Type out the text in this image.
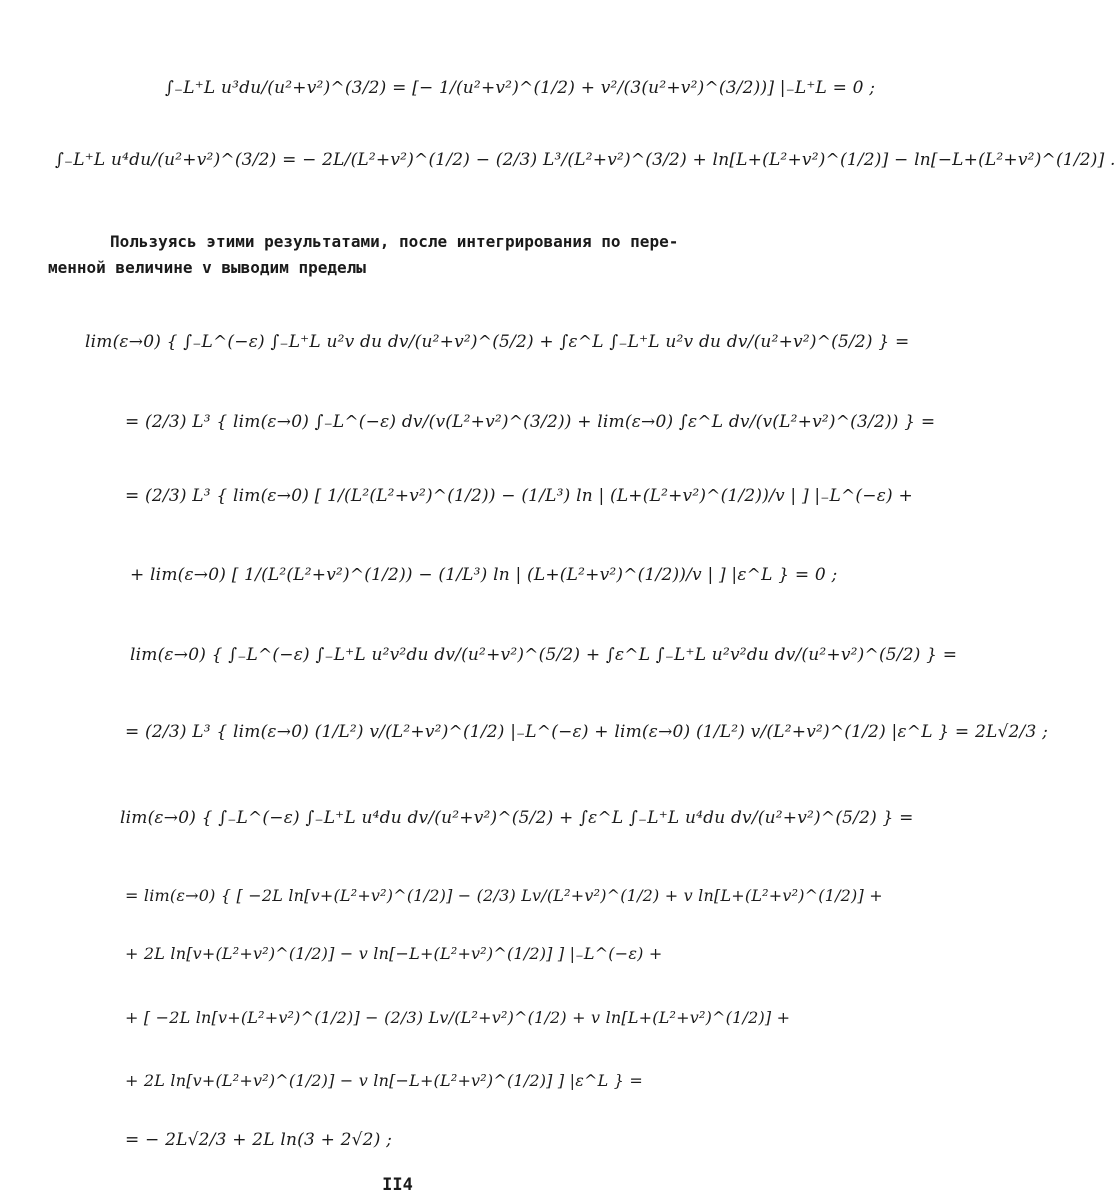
∫₋L⁺L u³du/(u²+v²)^(3/2) = [− 1/(u²+v²)^(1/2) + v²/(3(u²+v²)^(3/2))] |₋L⁺L = 0 ;
∫₋L⁺L u⁴du/(u²+v²)^(3/2) = − 2L/(L²+v²)^(1/2) − (2/3) L³/(L²+v²)^(3/2) + ln[L+(L²+v²)^(1/2)] − ln[−L+(L²+v²)^(1/2)] .
Пользуясь этими результатами, после интегрирования по пере-
менной величине v выводим пределы
lim(ε→0) { ∫₋L^(−ε) ∫₋L⁺L u²v du dv/(u²+v²)^(5/2) + ∫ε^L ∫₋L⁺L u²v du dv/(u²+v²)^(5/2) } =
= (2/3) L³ { lim(ε→0) ∫₋L^(−ε) dv/(v(L²+v²)^(3/2)) + lim(ε→0) ∫ε^L dv/(v(L²+v²)^(3/2)) } =
= (2/3) L³ { lim(ε→0) [ 1/(L²(L²+v²)^(1/2)) − (1/L³) ln | (L+(L²+v²)^(1/2))/v | ] |₋L^(−ε) +
+ lim(ε→0) [ 1/(L²(L²+v²)^(1/2)) − (1/L³) ln | (L+(L²+v²)^(1/2))/v | ] |ε^L } = 0 ;
lim(ε→0) { ∫₋L^(−ε) ∫₋L⁺L u²v²du dv/(u²+v²)^(5/2) + ∫ε^L ∫₋L⁺L u²v²du dv/(u²+v²)^(5/2) } =
= (2/3) L³ { lim(ε→0) (1/L²) v/(L²+v²)^(1/2) |₋L^(−ε) + lim(ε→0) (1/L²) v/(L²+v²)^(1/2) |ε^L } = 2L√2/3 ;
lim(ε→0) { ∫₋L^(−ε) ∫₋L⁺L u⁴du dv/(u²+v²)^(5/2) + ∫ε^L ∫₋L⁺L u⁴du dv/(u²+v²)^(5/2) } =
= lim(ε→0) { [ −2L ln[v+(L²+v²)^(1/2)] − (2/3) Lv/(L²+v²)^(1/2) + v ln[L+(L²+v²)^(1/2)] +
+ 2L ln[v+(L²+v²)^(1/2)] − v ln[−L+(L²+v²)^(1/2)] ] |₋L^(−ε) +
+ [ −2L ln[v+(L²+v²)^(1/2)] − (2/3) Lv/(L²+v²)^(1/2) + v ln[L+(L²+v²)^(1/2)] +
+ 2L ln[v+(L²+v²)^(1/2)] − v ln[−L+(L²+v²)^(1/2)] ] |ε^L } =
= − 2L√2/3 + 2L ln(3 + 2√2) ;
II4
